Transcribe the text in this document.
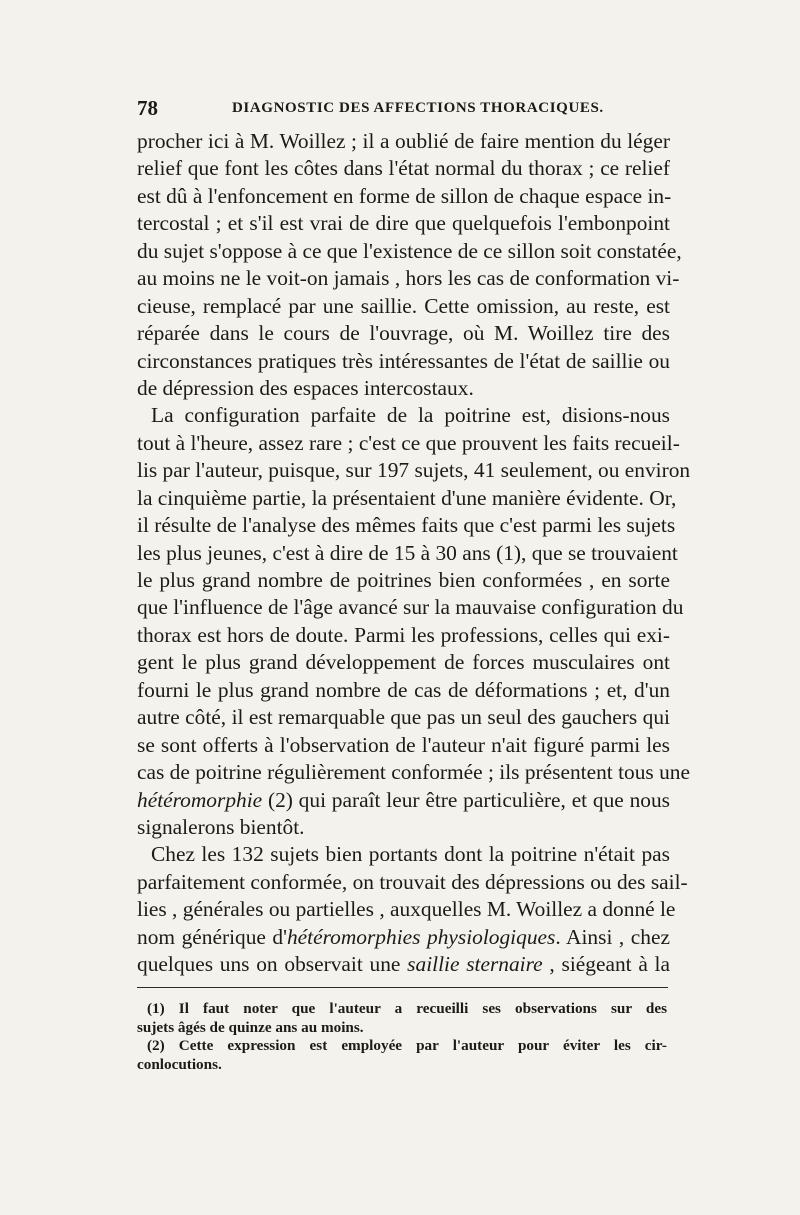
78	DIAGNOSTIC DES AFFECTIONS THORACIQUES.
procher ici à M. Woillez ; il a oublié de faire mention du léger
relief que font les côtes dans l'état normal du thorax ; ce relief
est dû à l'enfoncement en forme de sillon de chaque espace in-
tercostal ; et s'il est vrai de dire que quelquefois l'embonpoint
du sujet s'oppose à ce que l'existence de ce sillon soit constatée,
au moins ne le voit-on jamais , hors les cas de conformation vi-
cieuse, remplacé par une saillie. Cette omission, au reste, est
réparée dans le cours de l'ouvrage, où M. Woillez tire des
circonstances pratiques très intéressantes de l'état de saillie ou
de dépression des espaces intercostaux.
La configuration parfaite de la poitrine est, disions-nous
tout à l'heure, assez rare ; c'est ce que prouvent les faits recueil-
lis par l'auteur, puisque, sur 197 sujets, 41 seulement, ou environ
la cinquième partie, la présentaient d'une manière évidente. Or,
il résulte de l'analyse des mêmes faits que c'est parmi les sujets
les plus jeunes, c'est à dire de 15 à 30 ans (1), que se trouvaient
le plus grand nombre de poitrines bien conformées , en sorte
que l'influence de l'âge avancé sur la mauvaise configuration du
thorax est hors de doute. Parmi les professions, celles qui exi-
gent le plus grand développement de forces musculaires ont
fourni le plus grand nombre de cas de déformations ; et, d'un
autre côté, il est remarquable que pas un seul des gauchers qui
se sont offerts à l'observation de l'auteur n'ait figuré parmi les
cas de poitrine régulièrement conformée ; ils présentent tous une
hétéromorphie (2) qui paraît leur être particulière, et que nous
signalerons bientôt.
Chez les 132 sujets bien portants dont la poitrine n'était pas
parfaitement conformée, on trouvait des dépressions ou des sail-
lies , générales ou partielles , auxquelles M. Woillez a donné le
nom générique d'hétéromorphies physiologiques. Ainsi , chez
quelques uns on observait une saillie sternaire , siégeant à la
(1) Il faut noter que l'auteur a recueilli ses observations sur des
sujets âgés de quinze ans au moins.
(2) Cette expression est employée par l'auteur pour éviter les cir-
conlocutions.
